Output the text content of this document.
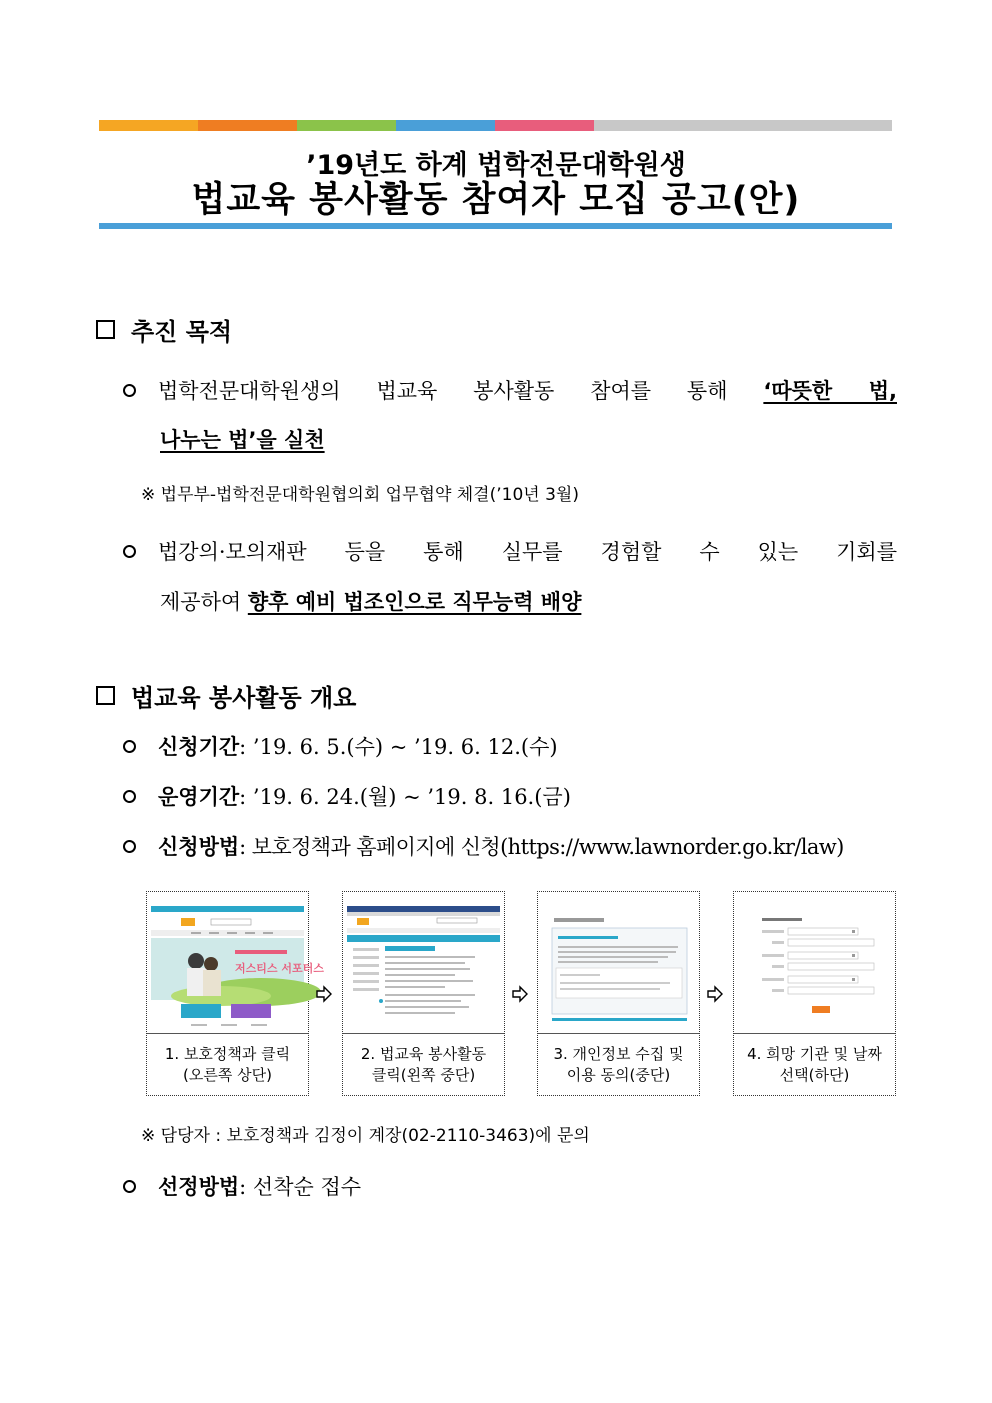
’19년도 하계 법학전문대학원생
법교육 봉사활동 참여자 모집 공고(안)
추진 목적
법학전문대학원생의 법교육 봉사활동 참여를 통해 ‘따뜻한 법,
나누는 법’을 실천
※ 법무부-법학전문대학원협의회 업무협약 체결(’10년 3월)
법강의·모의재판 등을 통해 실무를 경험할 수 있는 기회를
제공하여 향후 예비 법조인으로 직무능력 배양
법교육 봉사활동 개요
신청기간 : ’19. 6. 5.(수) ~ ’19. 6. 12.(수)
운영기간 : ’19. 6. 24.(월) ~ ’19. 8. 16.(금)
신청방법 : 보호정책과 홈페이지에 신청(https://www.lawnorder.go.kr/law)
저스티스 서포터스
1. 보호정책과 클릭
(오른쪽 상단)
2. 법교육 봉사활동
클릭(왼쪽 중단)
3. 개인정보 수집 및
이용 동의(중단)
4. 희망 기관 및 날짜
선택(하단)
※ 담당자 : 보호정책과 김정이 계장(02-2110-3463)에 문의
선정방법 : 선착순 접수
